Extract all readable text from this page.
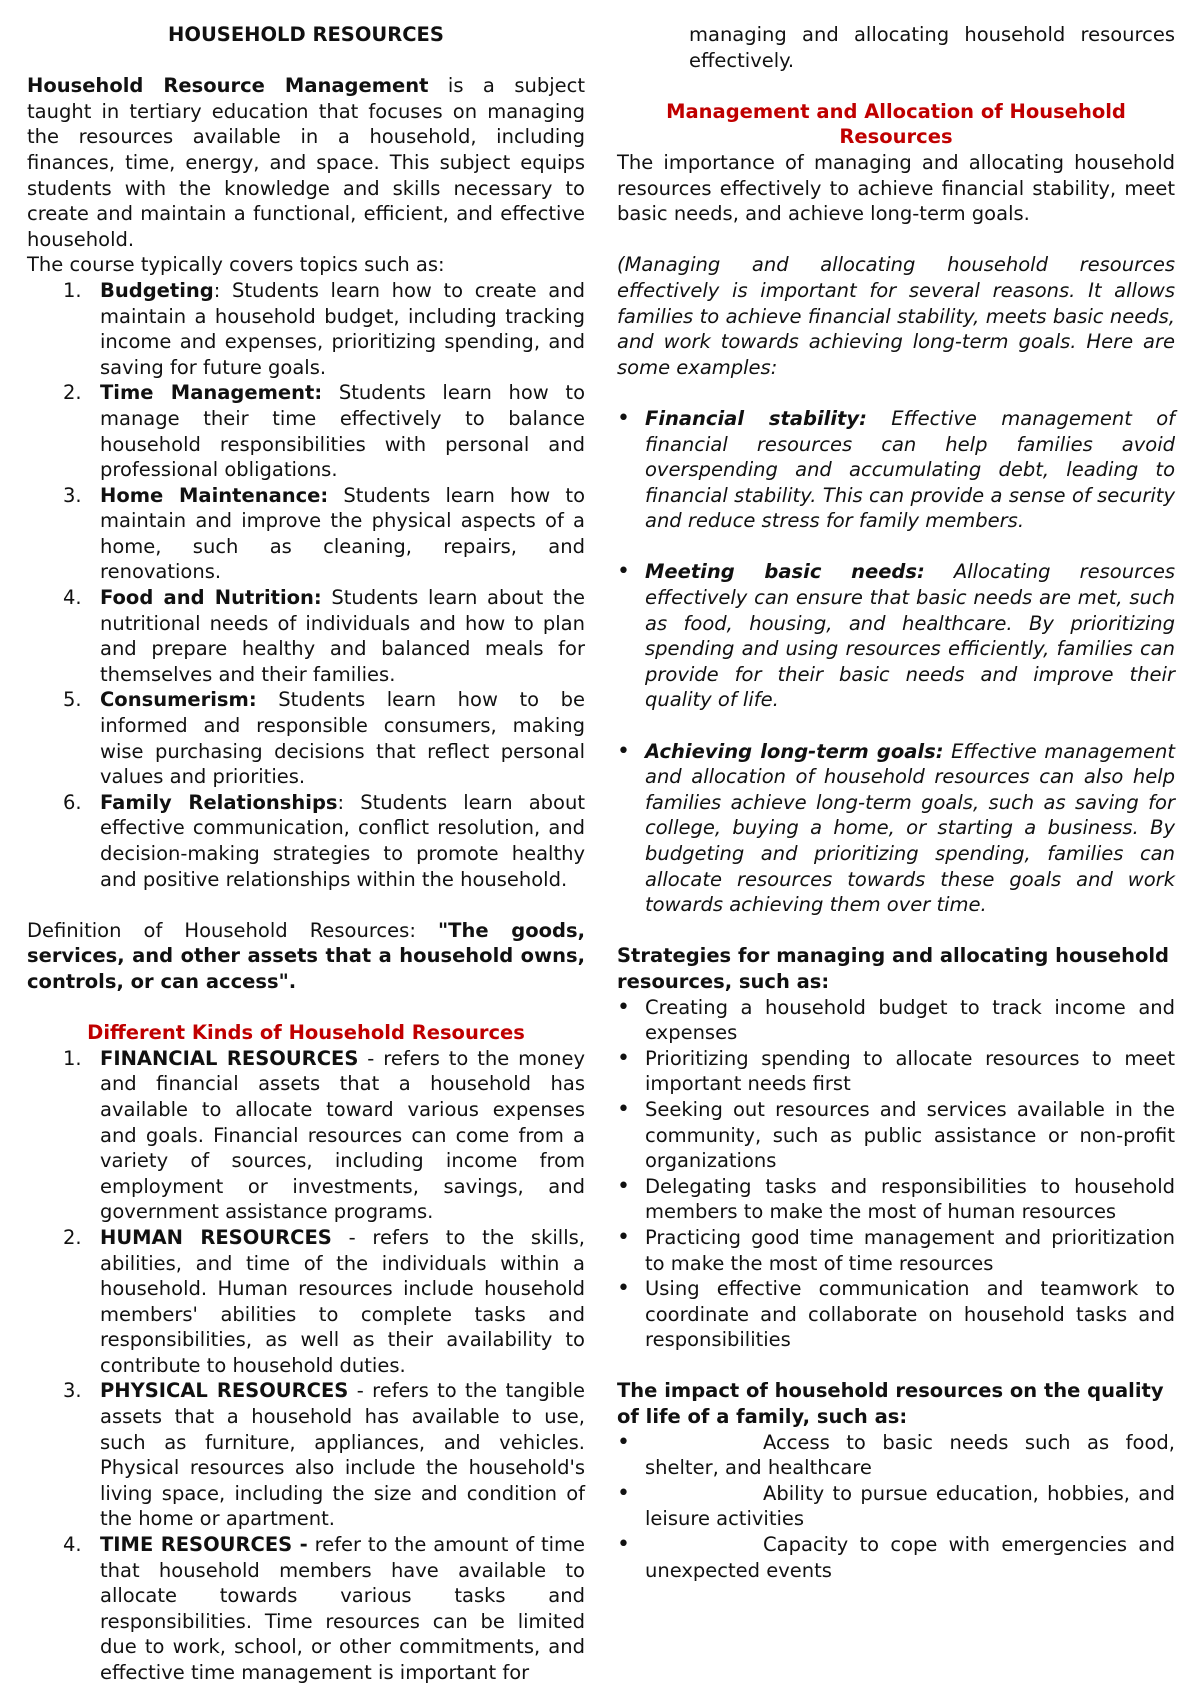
HOUSEHOLD RESOURCES

Household Resource Management is a subject taught in tertiary education that focuses on managing the resources available in a household, including finances, time, energy, and space. This subject equips students with the knowledge and skills necessary to create and maintain a functional, efficient, and effective household.

The course typically covers topics such as:

1. Budgeting: Students learn how to create and maintain a household budget, including tracking income and expenses, prioritizing spending, and saving for future goals.
2. Time Management: Students learn how to manage their time effectively to balance household responsibilities with personal and professional obligations.
3. Home Maintenance: Students learn how to maintain and improve the physical aspects of a home, such as cleaning, repairs, and renovations.
4. Food and Nutrition: Students learn about the nutritional needs of individuals and how to plan and prepare healthy and balanced meals for themselves and their families.
5. Consumerism: Students learn how to be informed and responsible consumers, making wise purchasing decisions that reflect personal values and priorities.
6. Family Relationships: Students learn about effective communication, conflict resolution, and decision-making strategies to promote healthy and positive relationships within the household.

Definition of Household Resources: "The goods, services, and other assets that a household owns, controls, or can access".

Different Kinds of Household Resources

1. FINANCIAL RESOURCES - refers to the money and financial assets that a household has available to allocate toward various expenses and goals. Financial resources can come from a variety of sources, including income from employment or investments, savings, and government assistance programs.
2. HUMAN RESOURCES - refers to the skills, abilities, and time of the individuals within a household. Human resources include household members' abilities to complete tasks and responsibilities, as well as their availability to contribute to household duties.
3. PHYSICAL RESOURCES - refers to the tangible assets that a household has available to use, such as furniture, appliances, and vehicles. Physical resources also include the household's living space, including the size and condition of the home or apartment.
4. TIME RESOURCES - refer to the amount of time that household members have available to allocate towards various tasks and responsibilities. Time resources can be limited due to work, school, or other commitments, and effective time management is important for

managing and allocating household resources effectively.

Management and Allocation of Household Resources

The importance of managing and allocating household resources effectively to achieve financial stability, meet basic needs, and achieve long-term goals.

(Managing and allocating household resources effectively is important for several reasons. It allows families to achieve financial stability, meets basic needs, and work towards achieving long-term goals. Here are some examples:

• Financial stability: Effective management of financial resources can help families avoid overspending and accumulating debt, leading to financial stability. This can provide a sense of security and reduce stress for family members.
• Meeting basic needs: Allocating resources effectively can ensure that basic needs are met, such as food, housing, and healthcare. By prioritizing spending and using resources efficiently, families can provide for their basic needs and improve their quality of life.
• Achieving long-term goals: Effective management and allocation of household resources can also help families achieve long-term goals, such as saving for college, buying a home, or starting a business. By budgeting and prioritizing spending, families can allocate resources towards these goals and work towards achieving them over time.

Strategies for managing and allocating household resources, such as:

• Creating a household budget to track income and expenses
• Prioritizing spending to allocate resources to meet important needs first
• Seeking out resources and services available in the community, such as public assistance or non-profit organizations
• Delegating tasks and responsibilities to household members to make the most of human resources
• Practicing good time management and prioritization to make the most of time resources
• Using effective communication and teamwork to coordinate and collaborate on household tasks and responsibilities

The impact of household resources on the quality of life of a family, such as:

•	Access to basic needs such as food, shelter, and healthcare
•	Ability to pursue education, hobbies, and leisure activities
•	Capacity to cope with emergencies and unexpected events
